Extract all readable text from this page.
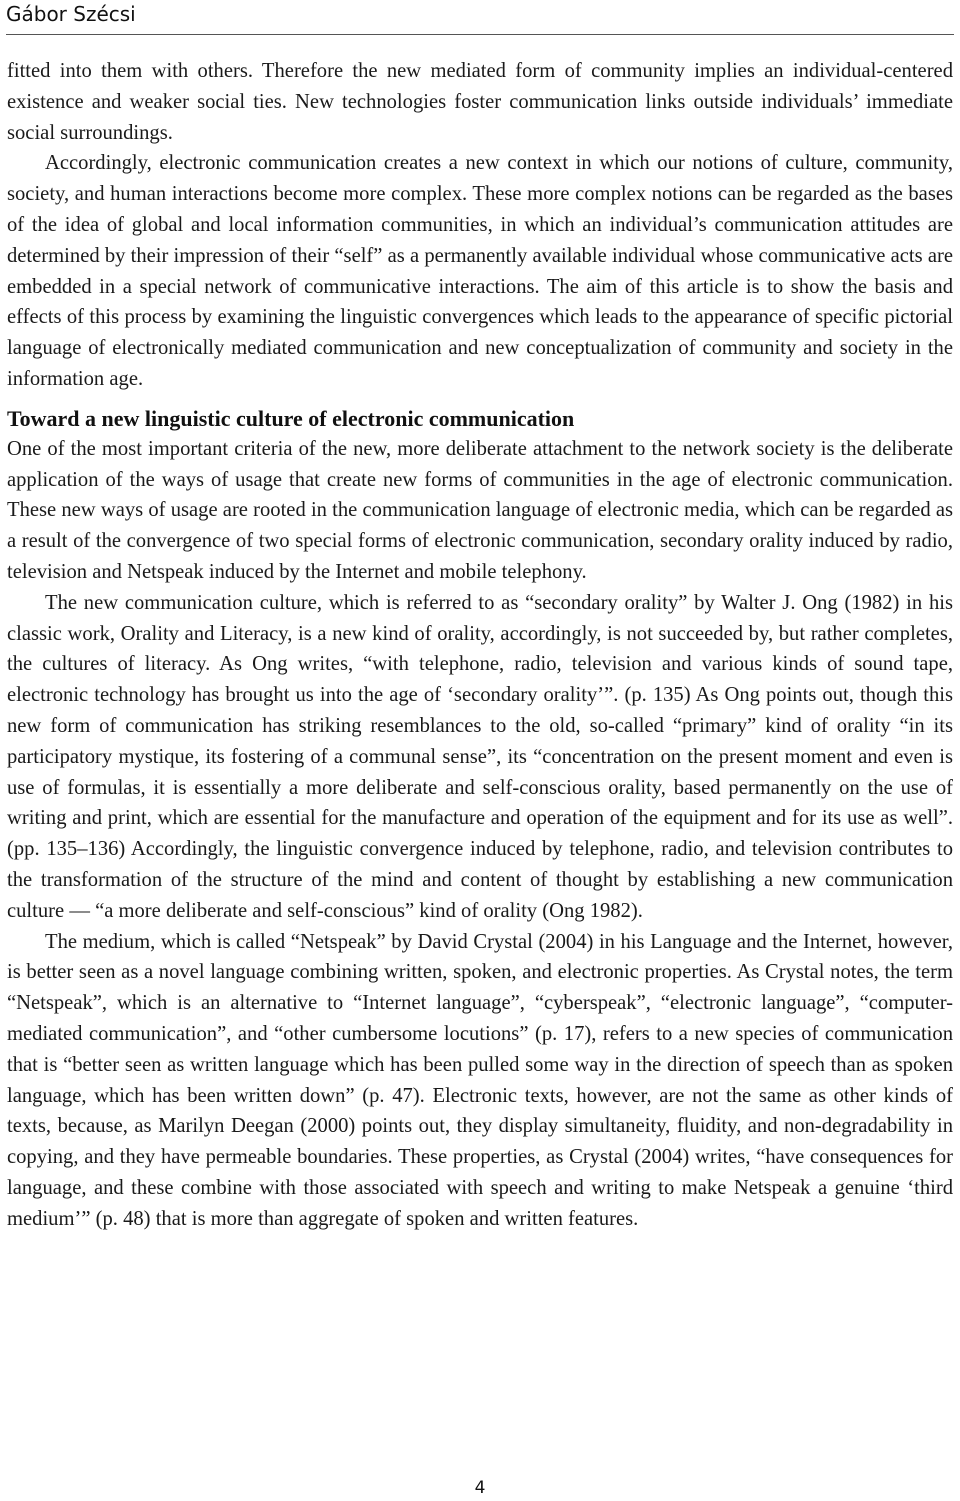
Gábor Szécsi

fitted into them with others. Therefore the new mediated form of community implies an individual-centered existence and weaker social ties. New technologies foster communication links outside individuals’ immediate social surroundings.

Accordingly, electronic communication creates a new context in which our notions of culture, community, society, and human interactions become more complex. These more complex notions can be regarded as the bases of the idea of global and local information communities, in which an individual’s communication attitudes are determined by their impression of their “self” as a permanently available individual whose communicative acts are embedded in a special network of communicative interactions. The aim of this article is to show the basis and effects of this process by examining the linguistic convergences which leads to the appearance of specific pictorial language of electronically mediated communication and new conceptualization of community and society in the information age.

Toward a new linguistic culture of electronic communication

One of the most important criteria of the new, more deliberate attachment to the network society is the deliberate application of the ways of usage that create new forms of communities in the age of electronic communication. These new ways of usage are rooted in the communication language of electronic media, which can be regarded as a result of the convergence of two special forms of electronic communication, secondary orality induced by radio, television and Netspeak induced by the Internet and mobile telephony.

The new communication culture, which is referred to as “secondary orality” by Walter J. Ong (1982) in his classic work, Orality and Literacy, is a new kind of orality, accordingly, is not succeeded by, but rather completes, the cultures of literacy. As Ong writes, “with telephone, radio, television and various kinds of sound tape, electronic technology has brought us into the age of ‘secondary orality’”. (p. 135) As Ong points out, though this new form of communication has striking resemblances to the old, so-called “primary” kind of orality “in its participatory mystique, its fostering of a communal sense”, its “concentration on the present moment and even is use of formulas, it is essentially a more deliberate and self-conscious orality, based permanently on the use of writing and print, which are essential for the manufacture and operation of the equipment and for its use as well”. (pp. 135–136) Accordingly, the linguistic convergence induced by telephone, radio, and television contributes to the transformation of the structure of the mind and content of thought by establishing a new communication culture — “a more deliberate and self-conscious” kind of orality (Ong 1982).

The medium, which is called “Netspeak” by David Crystal (2004) in his Language and the Internet, however, is better seen as a novel language combining written, spoken, and electronic properties. As Crystal notes, the term “Netspeak”, which is an alternative to “Internet language”, “cyberspeak”, “electronic language”, “computer-mediated communication”, and “other cumbersome locutions” (p. 17), refers to a new species of communication that is “better seen as written language which has been pulled some way in the direction of speech than as spoken language, which has been written down” (p. 47). Electronic texts, however, are not the same as other kinds of texts, because, as Marilyn Deegan (2000) points out, they display simultaneity, fluidity, and non-degradability in copying, and they have permeable boundaries. These properties, as Crystal (2004) writes, “have consequences for language, and these combine with those associated with speech and writing to make Netspeak a genuine ‘third medium’” (p. 48) that is more than aggregate of spoken and written features.

4
